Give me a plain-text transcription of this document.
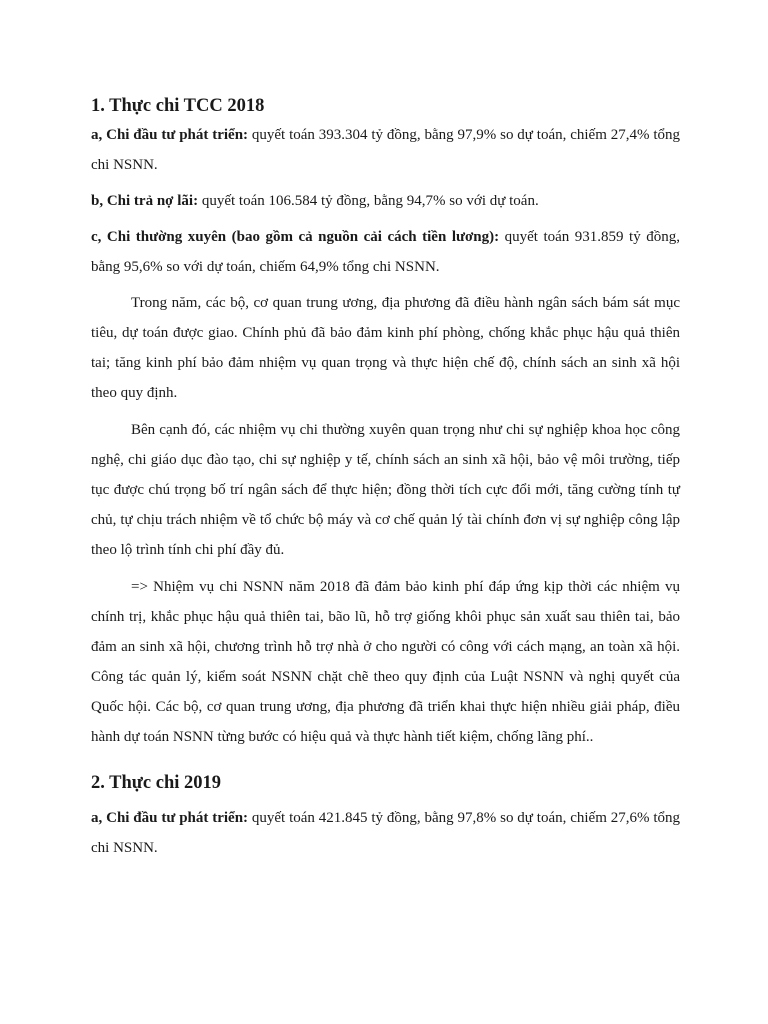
1. Thực chi TCC 2018

a, Chi đầu tư phát triển: quyết toán 393.304 tỷ đồng, bằng 97,9% so dự toán, chiếm 27,4% tổng chi NSNN.

b, Chi trả nợ lãi: quyết toán 106.584 tỷ đồng, bằng 94,7% so với dự toán.

c, Chi thường xuyên (bao gồm cả nguồn cải cách tiền lương): quyết toán 931.859 tỷ đồng, bằng 95,6% so với dự toán, chiếm 64,9% tổng chi NSNN.

Trong năm, các bộ, cơ quan trung ương, địa phương đã điều hành ngân sách bám sát mục tiêu, dự toán được giao. Chính phủ đã bảo đảm kinh phí phòng, chống khắc phục hậu quả thiên tai; tăng kinh phí bảo đảm nhiệm vụ quan trọng và thực hiện chế độ, chính sách an sinh xã hội theo quy định.

Bên cạnh đó, các nhiệm vụ chi thường xuyên quan trọng như chi sự nghiệp khoa học công nghệ, chi giáo dục đào tạo, chi sự nghiệp y tế, chính sách an sinh xã hội, bảo vệ môi trường, tiếp tục được chú trọng bố trí ngân sách để thực hiện; đồng thời tích cực đổi mới, tăng cường tính tự chủ, tự chịu trách nhiệm về tổ chức bộ máy và cơ chế quản lý tài chính đơn vị sự nghiệp công lập theo lộ trình tính chi phí đầy đủ.

=> Nhiệm vụ chi NSNN năm 2018 đã đảm bảo kinh phí đáp ứng kịp thời các nhiệm vụ chính trị, khắc phục hậu quả thiên tai, bão lũ, hỗ trợ giống khôi phục sản xuất sau thiên tai, bảo đảm an sinh xã hội, chương trình hỗ trợ nhà ở cho người có công với cách mạng, an toàn xã hội. Công tác quản lý, kiểm soát NSNN chặt chẽ theo quy định của Luật NSNN và nghị quyết của Quốc hội. Các bộ, cơ quan trung ương, địa phương đã triển khai thực hiện nhiều giải pháp, điều hành dự toán NSNN từng bước có hiệu quả và thực hành tiết kiệm, chống lãng phí..

2. Thực chi 2019

a, Chi đầu tư phát triển: quyết toán 421.845 tỷ đồng, bằng 97,8% so dự toán, chiếm 27,6% tổng chi NSNN.
